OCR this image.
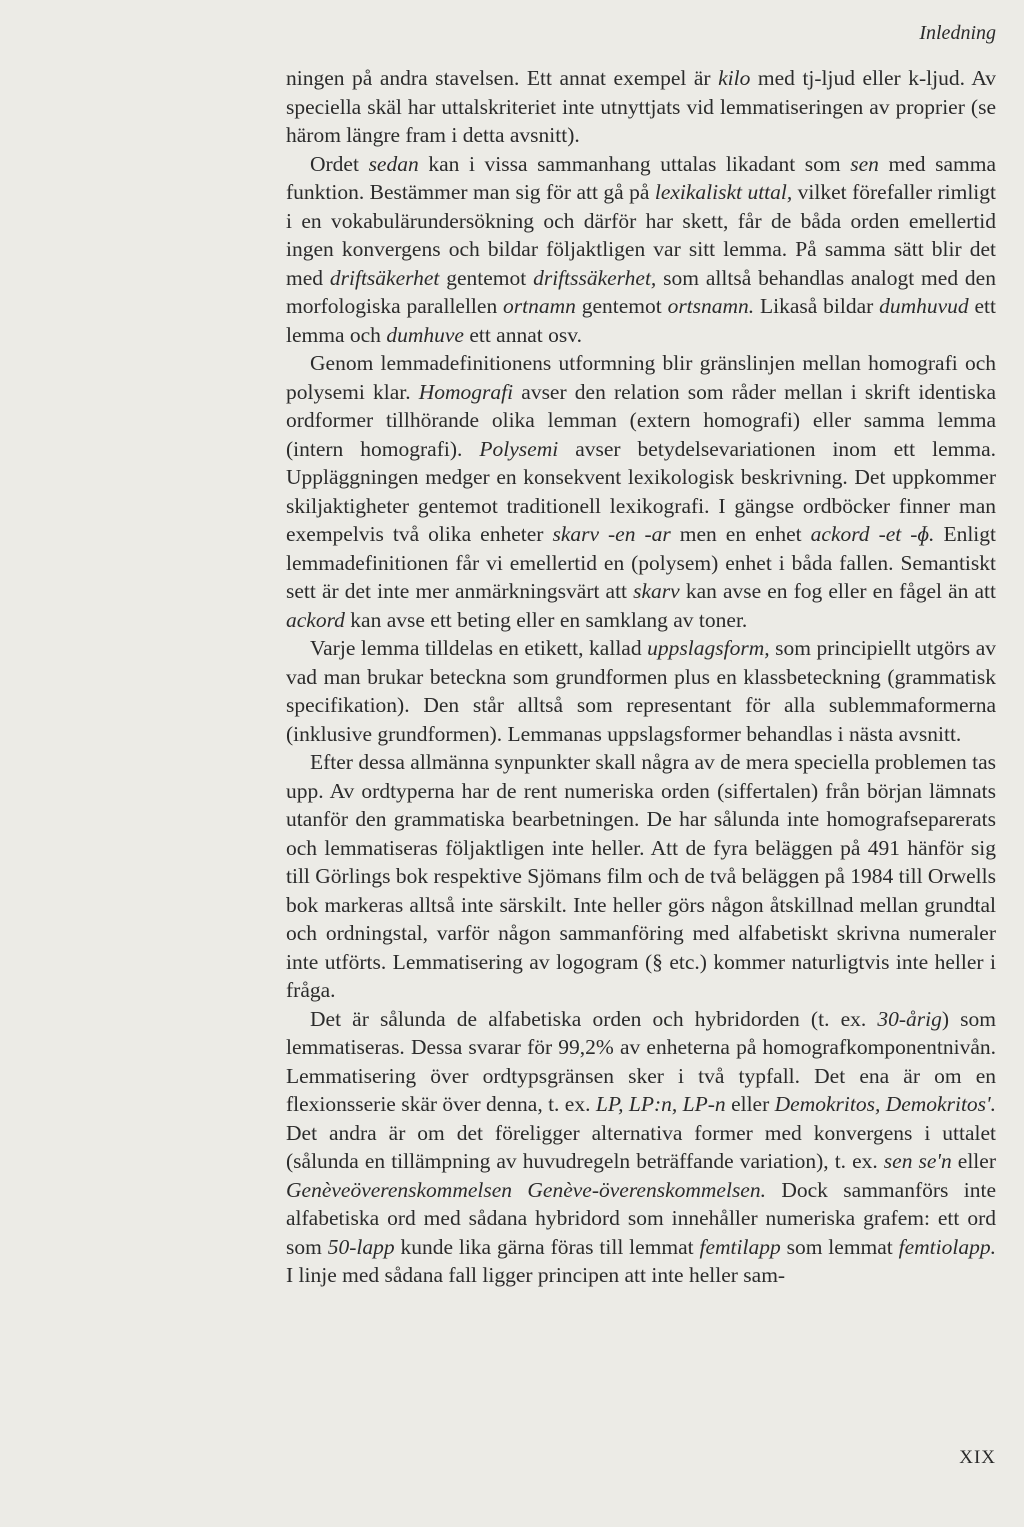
Inledning

ningen på andra stavelsen. Ett annat exempel är kilo med tj-ljud eller k-ljud. Av speciella skäl har uttalskriteriet inte utnyttjats vid lemmatiseringen av proprier (se härom längre fram i detta avsnitt).

Ordet sedan kan i vissa sammanhang uttalas likadant som sen med samma funktion. Bestämmer man sig för att gå på lexikaliskt uttal, vilket förefaller rimligt i en vokabulärundersökning och därför har skett, får de båda orden emellertid ingen konvergens och bildar följaktligen var sitt lemma. På samma sätt blir det med driftsäkerhet gentemot driftssäkerhet, som alltså behandlas analogt med den morfologiska parallellen ortnamn gentemot ortsnamn. Likaså bildar dumhuvud ett lemma och dumhuve ett annat osv.

Genom lemmadefinitionens utformning blir gränslinjen mellan homografi och polysemi klar. Homografi avser den relation som råder mellan i skrift identiska ordformer tillhörande olika lemman (extern homografi) eller samma lemma (intern homografi). Polysemi avser betydelsevariationen inom ett lemma. Uppläggningen medger en konsekvent lexikologisk beskrivning. Det uppkommer skiljaktigheter gentemot traditionell lexikografi. I gängse ordböcker finner man exempelvis två olika enheter skarv -en -ar men en enhet ackord -et -ɸ. Enligt lemmadefinitionen får vi emellertid en (polysem) enhet i båda fallen. Semantiskt sett är det inte mer anmärkningsvärt att skarv kan avse en fog eller en fågel än att ackord kan avse ett beting eller en samklang av toner.

Varje lemma tilldelas en etikett, kallad uppslagsform, som principiellt utgörs av vad man brukar beteckna som grundformen plus en klassbeteckning (grammatisk specifikation). Den står alltså som representant för alla sublemmaformerna (inklusive grundformen). Lemmanas uppslagsformer behandlas i nästa avsnitt.

Efter dessa allmänna synpunkter skall några av de mera speciella problemen tas upp. Av ordtyperna har de rent numeriska orden (siffertalen) från början lämnats utanför den grammatiska bearbetningen. De har sålunda inte homografseparerats och lemmatiseras följaktligen inte heller. Att de fyra beläggen på 491 hänför sig till Görlings bok respektive Sjömans film och de två beläggen på 1984 till Orwells bok markeras alltså inte särskilt. Inte heller görs någon åtskillnad mellan grundtal och ordningstal, varför någon sammanföring med alfabetiskt skrivna numeraler inte utförts. Lemmatisering av logogram (§ etc.) kommer naturligtvis inte heller i fråga.

Det är sålunda de alfabetiska orden och hybridorden (t. ex. 30-årig) som lemmatiseras. Dessa svarar för 99,2% av enheterna på homografkomponentnivån. Lemmatisering över ordtypsgränsen sker i två typfall. Det ena är om en flexionsserie skär över denna, t. ex. LP, LP:n, LP-n eller Demokritos, Demokritos'. Det andra är om det föreligger alternativa former med konvergens i uttalet (sålunda en tillämpning av huvudregeln beträffande variation), t. ex. sen se'n eller Genèveöverenskommelsen Genève-överenskommelsen. Dock sammanförs inte alfabetiska ord med sådana hybridord som innehåller numeriska grafem: ett ord som 50-lapp kunde lika gärna föras till lemmat femtilapp som lemmat femtiolapp. I linje med sådana fall ligger principen att inte heller sam-

XIX
